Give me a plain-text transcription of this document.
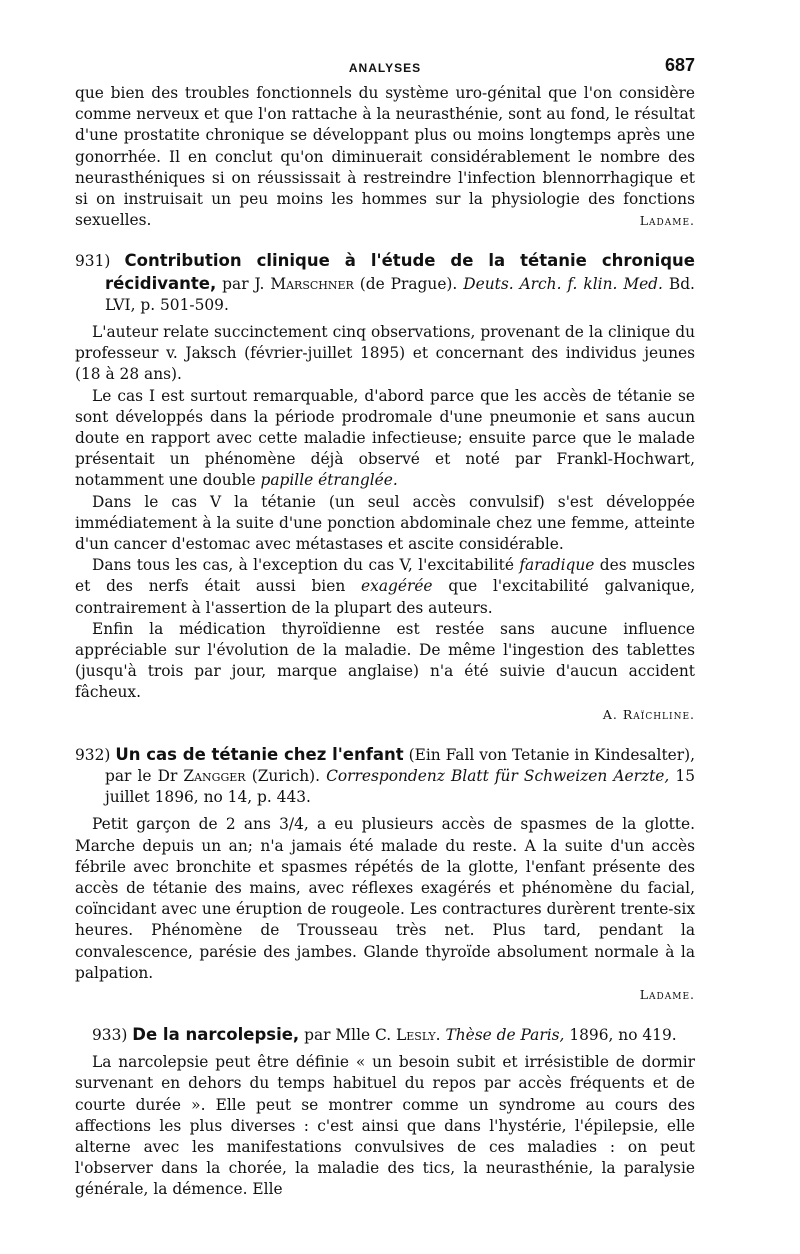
ANALYSES	687

que bien des troubles fonctionnels du système uro-génital que l'on considère comme nerveux et que l'on rattache à la neurasthénie, sont au fond, le résultat d'une prostatite chronique se développant plus ou moins longtemps après une gonorrhée. Il en conclut qu'on diminuerait considérablement le nombre des neurasthéniques si on réussissait à restreindre l'infection blennorrhagique et si on instruisait un peu moins les hommes sur la physiologie des fonctions sexuelles.	Ladame.

931) Contribution clinique à l'étude de la tétanie chronique récidivante, par J. Marschner (de Prague). Deuts. Arch. f. klin. Med. Bd. LVI, p. 501-509.

L'auteur relate succinctement cinq observations, provenant de la clinique du professeur v. Jaksch (février-juillet 1895) et concernant des individus jeunes (18 à 28 ans).

Le cas I est surtout remarquable, d'abord parce que les accès de tétanie se sont développés dans la période prodromale d'une pneumonie et sans aucun doute en rapport avec cette maladie infectieuse; ensuite parce que le malade présentait un phénomène déjà observé et noté par Frankl-Hochwart, notamment une double papille étranglée.

Dans le cas V la tétanie (un seul accès convulsif) s'est développée immédiatement à la suite d'une ponction abdominale chez une femme, atteinte d'un cancer d'estomac avec métastases et ascite considérable.

Dans tous les cas, à l'exception du cas V, l'excitabilité faradique des muscles et des nerfs était aussi bien exagérée que l'excitabilité galvanique, contrairement à l'assertion de la plupart des auteurs.

Enfin la médication thyroïdienne est restée sans aucune influence appréciable sur l'évolution de la maladie. De même l'ingestion des tablettes (jusqu'à trois par jour, marque anglaise) n'a été suivie d'aucun accident fâcheux.

A. Raïchline.

932) Un cas de tétanie chez l'enfant (Ein Fall von Tetanie in Kindesalter), par le Dr Zangger (Zurich). Correspondenz Blatt für Schweizen Aerzte, 15 juillet 1896, no 14, p. 443.

Petit garçon de 2 ans 3/4, a eu plusieurs accès de spasmes de la glotte. Marche depuis un an; n'a jamais été malade du reste. A la suite d'un accès fébrile avec bronchite et spasmes répétés de la glotte, l'enfant présente des accès de tétanie des mains, avec réflexes exagérés et phénomène du facial, coïncidant avec une éruption de rougeole. Les contractures durèrent trente-six heures. Phénomène de Trousseau très net. Plus tard, pendant la convalescence, parésie des jambes. Glande thyroïde absolument normale à la palpation.

Ladame.

933) De la narcolepsie, par Mlle C. Lesly. Thèse de Paris, 1896, no 419.

La narcolepsie peut être définie « un besoin subit et irrésistible de dormir survenant en dehors du temps habituel du repos par accès fréquents et de courte durée ». Elle peut se montrer comme un syndrome au cours des affections les plus diverses : c'est ainsi que dans l'hystérie, l'épilepsie, elle alterne avec les manifestations convulsives de ces maladies : on peut l'observer dans la chorée, la maladie des tics, la neurasthénie, la paralysie générale, la démence. Elle
